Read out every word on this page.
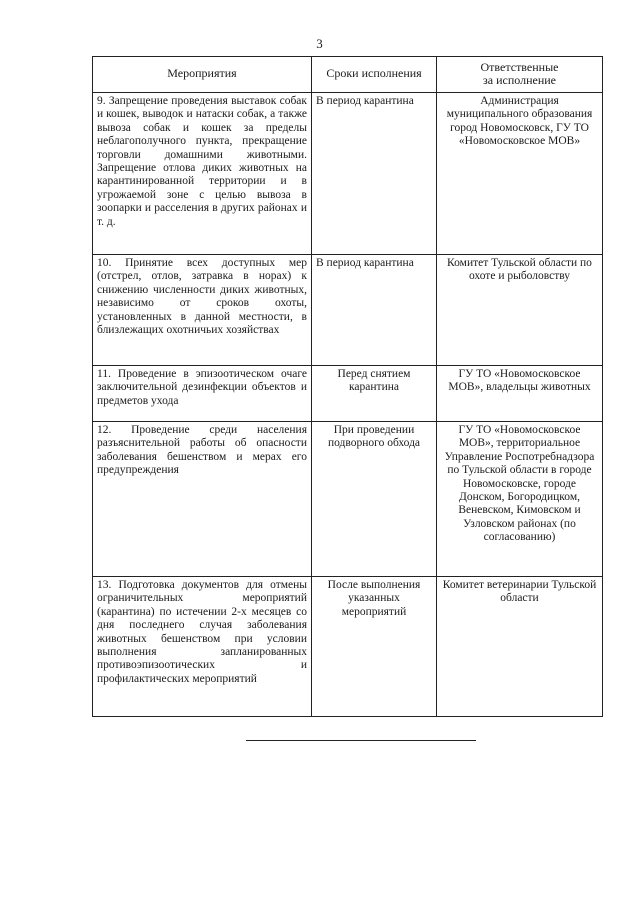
3
Мероприятия	Сроки исполнения	Ответственные
за исполнение
9. Запрещение проведения выставок собак и кошек, выводок и натаски собак, а также вывоза собак и кошек за пределы неблагополучного пункта, прекращение торговли домашними животными. Запрещение отлова диких животных на карантинированной территории и в угрожаемой зоне с целью вывоза в зоопарки и расселения в других районах и т. д.	В период карантина	Администрация муниципального образования город Новомосковск, ГУ ТО «Новомосковское МОВ»
10. Принятие всех доступных мер (отстрел, отлов, затравка в норах) к снижению численности диких животных, независимо от сроков охоты, установленных в данной местности, в близлежащих охотничьих хозяйствах	В период карантина	Комитет Тульской области по охоте и рыболовству
11. Проведение в эпизоотическом очаге заключительной дезинфекции объектов и предметов ухода	Перед снятием карантина	ГУ ТО «Новомосковское МОВ», владельцы животных
12. Проведение среди населения разъяснительной работы об опасности заболевания бешенством и мерах его предупреждения	При проведении подворного обхода	ГУ ТО «Новомосковское МОВ», территориальное Управление Роспотребнадзора по Тульской области в городе Новомосковске, городе Донском, Богородицком, Веневском, Кимовском и Узловском районах (по согласованию)
13. Подготовка документов для отмены ограничительных мероприятий (карантина) по истечении 2-х месяцев со дня последнего случая заболевания животных бешенством при условии выполнения запланированных противоэпизоотических и профилактических мероприятий	После выполнения указанных мероприятий	Комитет ветеринарии Тульской области
